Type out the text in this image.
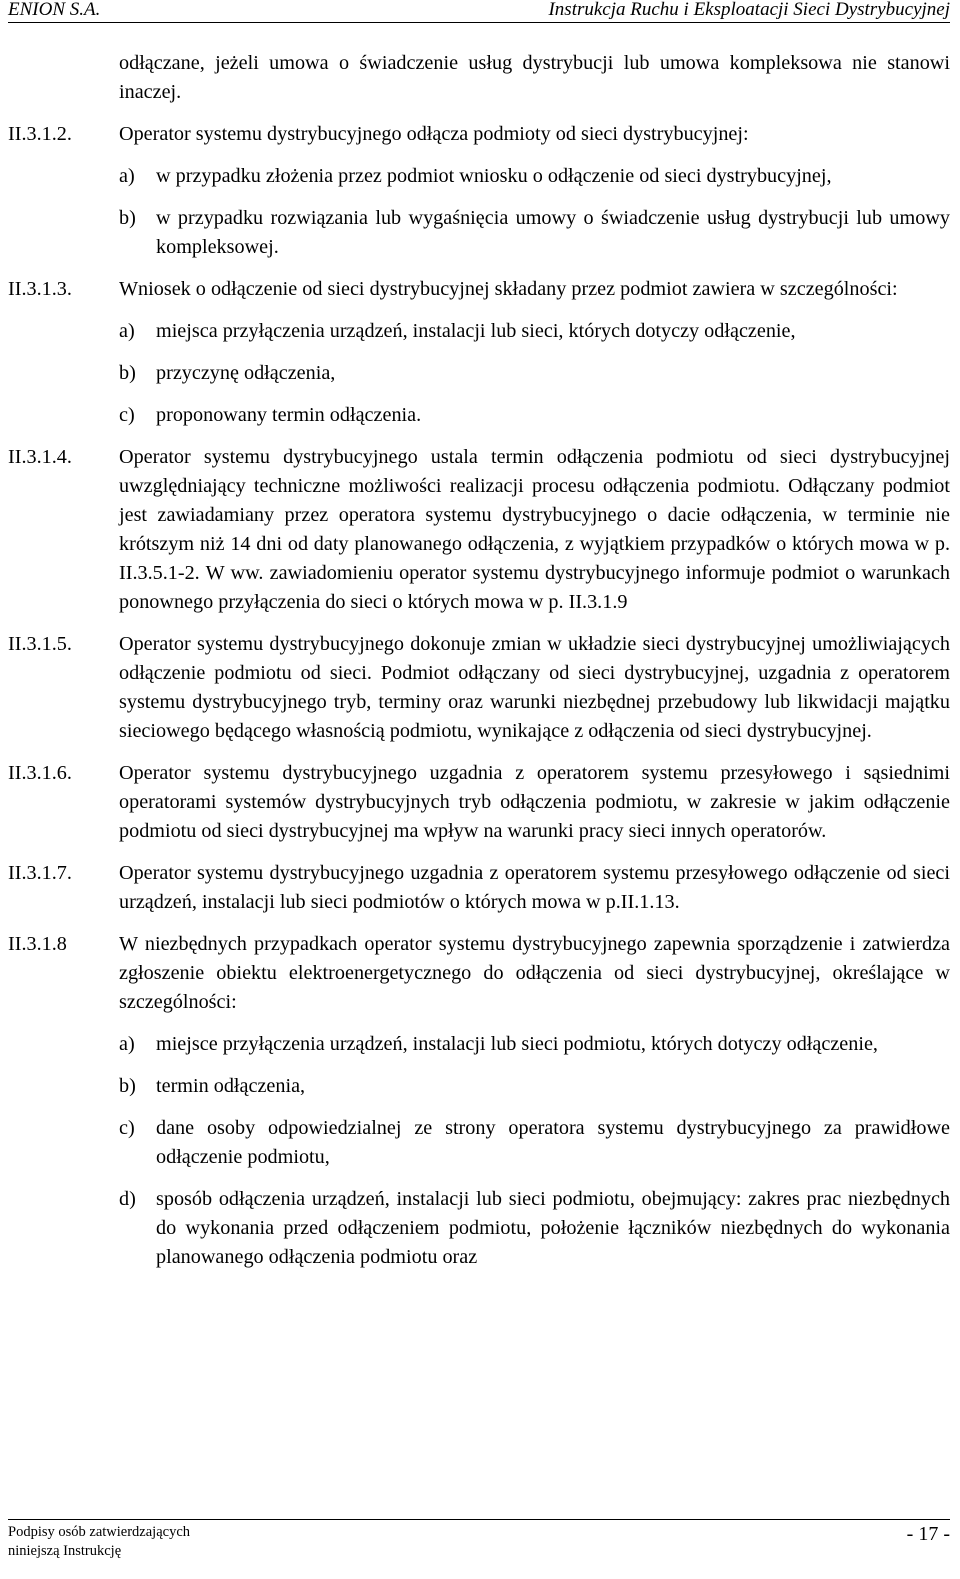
ENION S.A.	Instrukcja Ruchu i Eksploatacji Sieci Dystrybucyjnej

odłączane, jeżeli umowa o świadczenie usług dystrybucji lub umowa kompleksowa nie stanowi inaczej.

II.3.1.2.	Operator systemu dystrybucyjnego odłącza podmioty od sieci dystrybucyjnej:

a) w przypadku złożenia przez podmiot wniosku o odłączenie od sieci dystrybucyjnej,
b) w przypadku rozwiązania lub wygaśnięcia umowy o świadczenie usług dystrybucji lub umowy kompleksowej.
II.3.1.3.	Wniosek o odłączenie od sieci dystrybucyjnej składany przez podmiot zawiera w szczególności:

a) miejsca przyłączenia urządzeń, instalacji lub sieci, których dotyczy odłączenie,
b) przyczynę odłączenia,
c) proponowany termin odłączenia.
II.3.1.4.	Operator systemu dystrybucyjnego ustala termin odłączenia podmiotu od sieci dystrybucyjnej uwzględniający techniczne możliwości realizacji procesu odłączenia podmiotu. Odłączany podmiot jest zawiadamiany przez operatora systemu dystrybucyjnego o dacie odłączenia, w terminie nie krótszym niż 14 dni od daty planowanego odłączenia, z wyjątkiem przypadków o których mowa w p. II.3.5.1-2. W ww. zawiadomieniu operator systemu dystrybucyjnego informuje podmiot o warunkach ponownego przyłączenia do sieci o których mowa w p. II.3.1.9

II.3.1.5.	Operator systemu dystrybucyjnego dokonuje zmian w układzie sieci dystrybucyjnej umożliwiających odłączenie podmiotu od sieci. Podmiot odłączany od sieci dystrybucyjnej, uzgadnia z operatorem systemu dystrybucyjnego tryb, terminy oraz warunki niezbędnej przebudowy lub likwidacji majątku sieciowego będącego własnością podmiotu, wynikające z odłączenia od sieci dystrybucyjnej.

II.3.1.6.	Operator systemu dystrybucyjnego uzgadnia z operatorem systemu przesyłowego i sąsiednimi operatorami systemów dystrybucyjnych tryb odłączenia podmiotu, w zakresie w jakim odłączenie podmiotu od sieci dystrybucyjnej ma wpływ na warunki pracy sieci innych operatorów.

II.3.1.7.	Operator systemu dystrybucyjnego uzgadnia z operatorem systemu przesyłowego odłączenie od sieci urządzeń, instalacji lub sieci podmiotów o których mowa w p.II.1.13.

II.3.1.8	W niezbędnych przypadkach operator systemu dystrybucyjnego zapewnia sporządzenie i zatwierdza zgłoszenie obiektu elektroenergetycznego do odłączenia od sieci dystrybucyjnej, określające w szczególności:

a) miejsce przyłączenia urządzeń, instalacji lub sieci podmiotu, których dotyczy odłączenie,
b) termin odłączenia,
c) dane osoby odpowiedzialnej ze strony operatora systemu dystrybucyjnego za prawidłowe odłączenie podmiotu,
d) sposób odłączenia urządzeń, instalacji lub sieci podmiotu, obejmujący: zakres prac niezbędnych do wykonania przed odłączeniem podmiotu, położenie łączników niezbędnych do wykonania planowanego odłączenia podmiotu oraz
Podpisy osób zatwierdzających
niniejszą Instrukcję
- 17 -
